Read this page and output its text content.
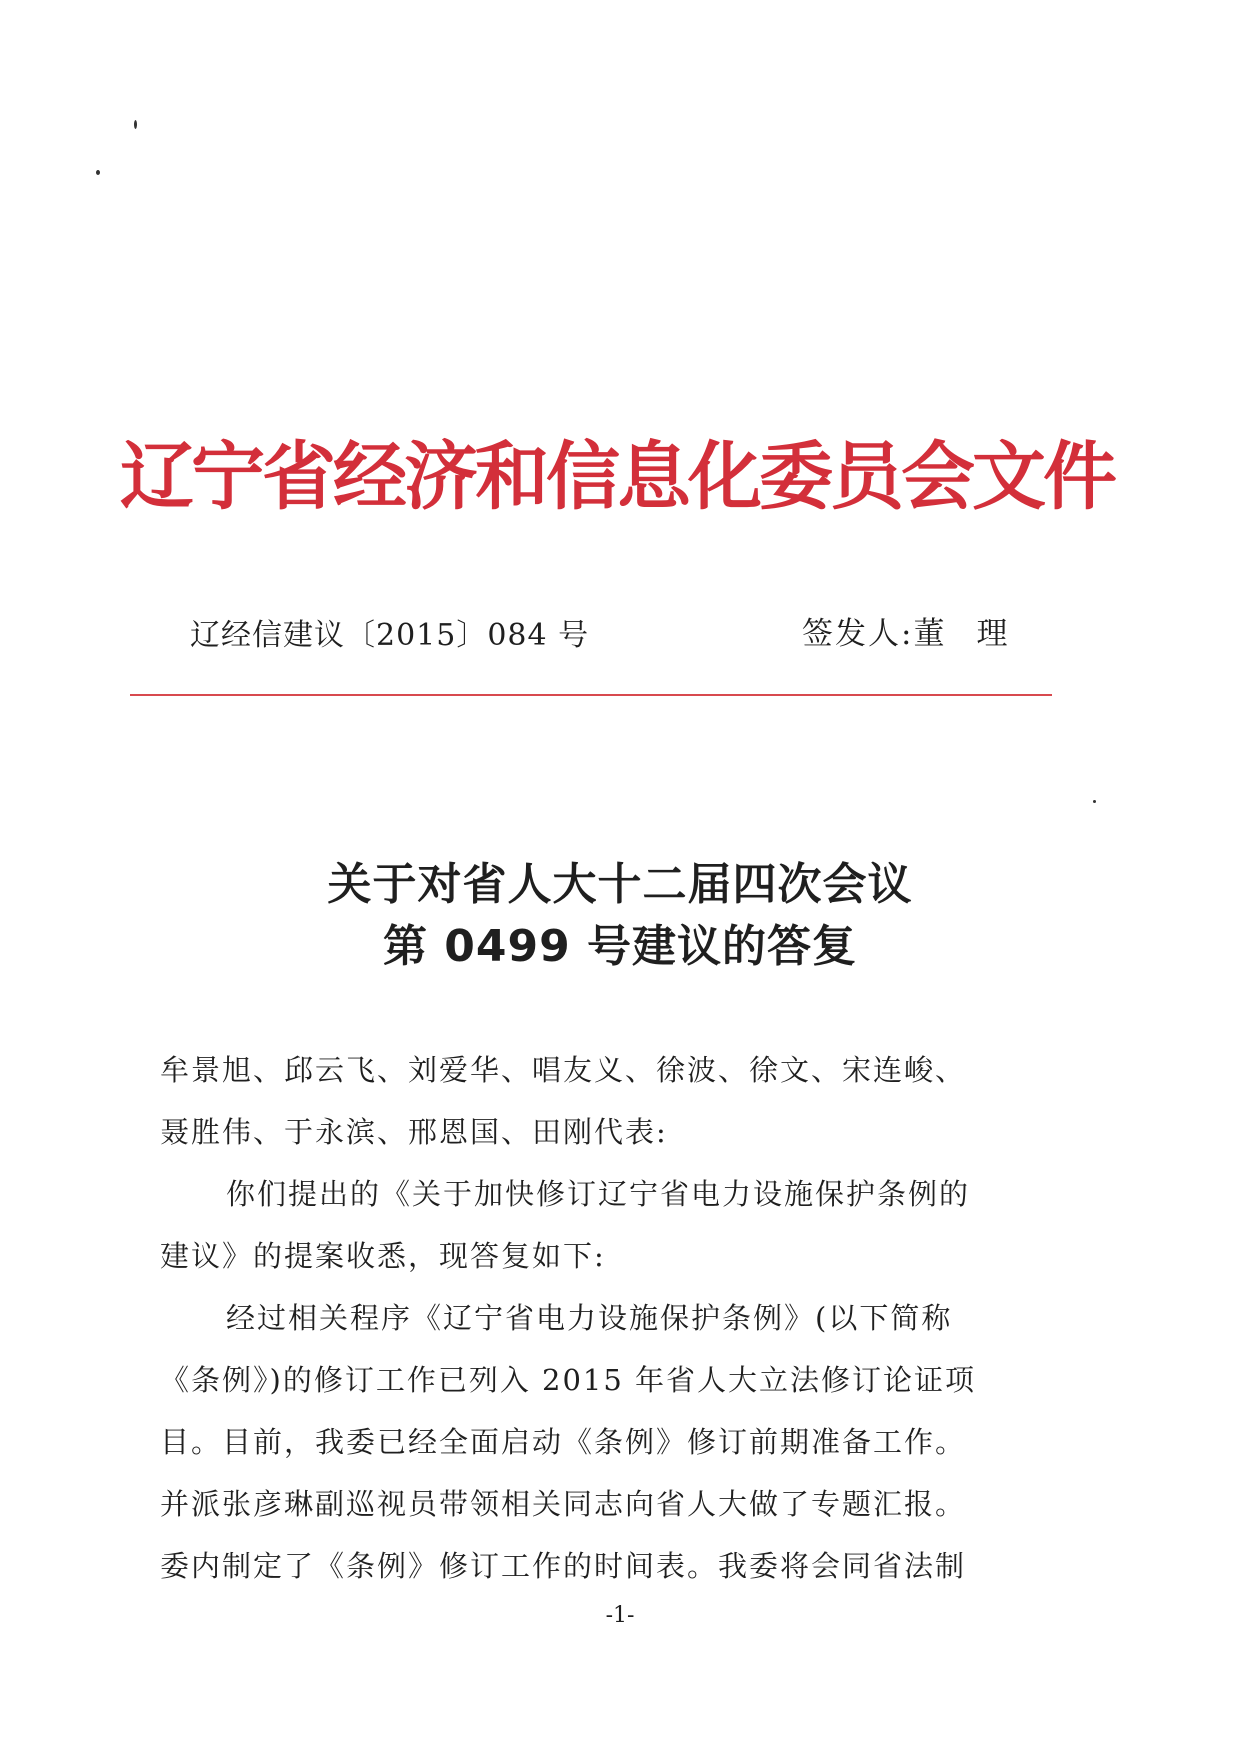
辽宁省经济和信息化委员会文件
辽经信建议〔2015〕084 号	签发人:董理
关于对省人大十二届四次会议
第 0499 号建议的答复

牟景旭、邱云飞、刘爱华、唱友义、徐波、徐文、宋连峻、

聂胜伟、于永滨、邢恩国、田刚代表:

你们提出的《关于加快修订辽宁省电力设施保护条例的

建议》的提案收悉，现答复如下:

经过相关程序《辽宁省电力设施保护条例》(以下简称

《条例》)的修订工作已列入 2015 年省人大立法修订论证项

目。目前，我委已经全面启动《条例》修订前期准备工作。

并派张彦琳副巡视员带领相关同志向省人大做了专题汇报。

委内制定了《条例》修订工作的时间表。我委将会同省法制

-1-
